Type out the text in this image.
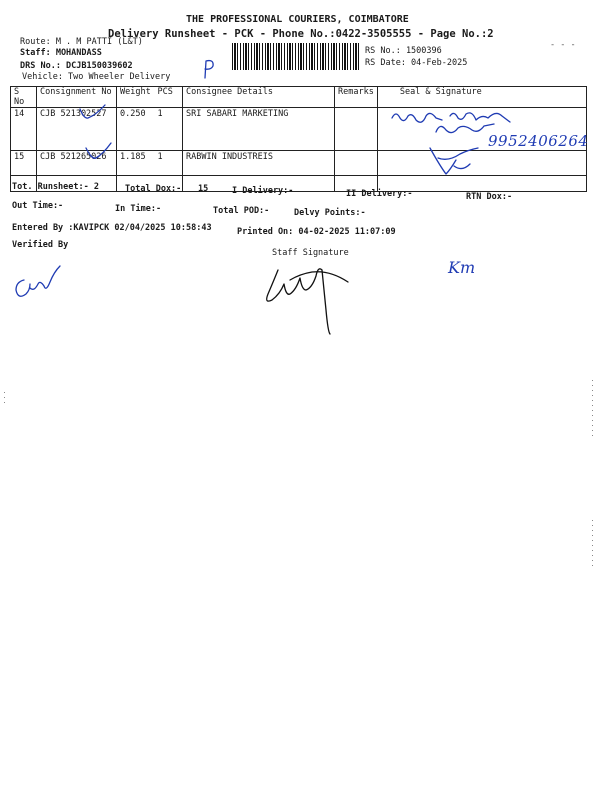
THE PROFESSIONAL COURIERS, COIMBATORE
Delivery Runsheet - PCK - Phone No.:0422-3505555 - Page No.:2
Route: M . M PATTI (L&T)
Staff: MOHANDASS
DRS No.: DCJB150039602
Vehicle: Two Wheeler Delivery
RS No.: 1500396
RS Date: 04-Feb-2025
- - -
S No	Consignment No	Weight	PCS	Consignee Details	Remarks	Seal & Signature
14	CJB 521302527	0.250	1	SRI SABARI MARKETING		
15	CJB 521265026	1.185	1	RABWIN INDUSTREIS		
9952406264
Tot. Runsheet:- 2	Total Dox:- 15	I Delivery:-	II Delivery:-	RTN Dox:-
Out Time:-	In Time:-	Total POD:-	Delvy Points:-
Entered By :KAVIPCK 02/04/2025 10:58:43	Printed On: 04-02-2025 11:07:09
Verified By
Staff Signature
Km
